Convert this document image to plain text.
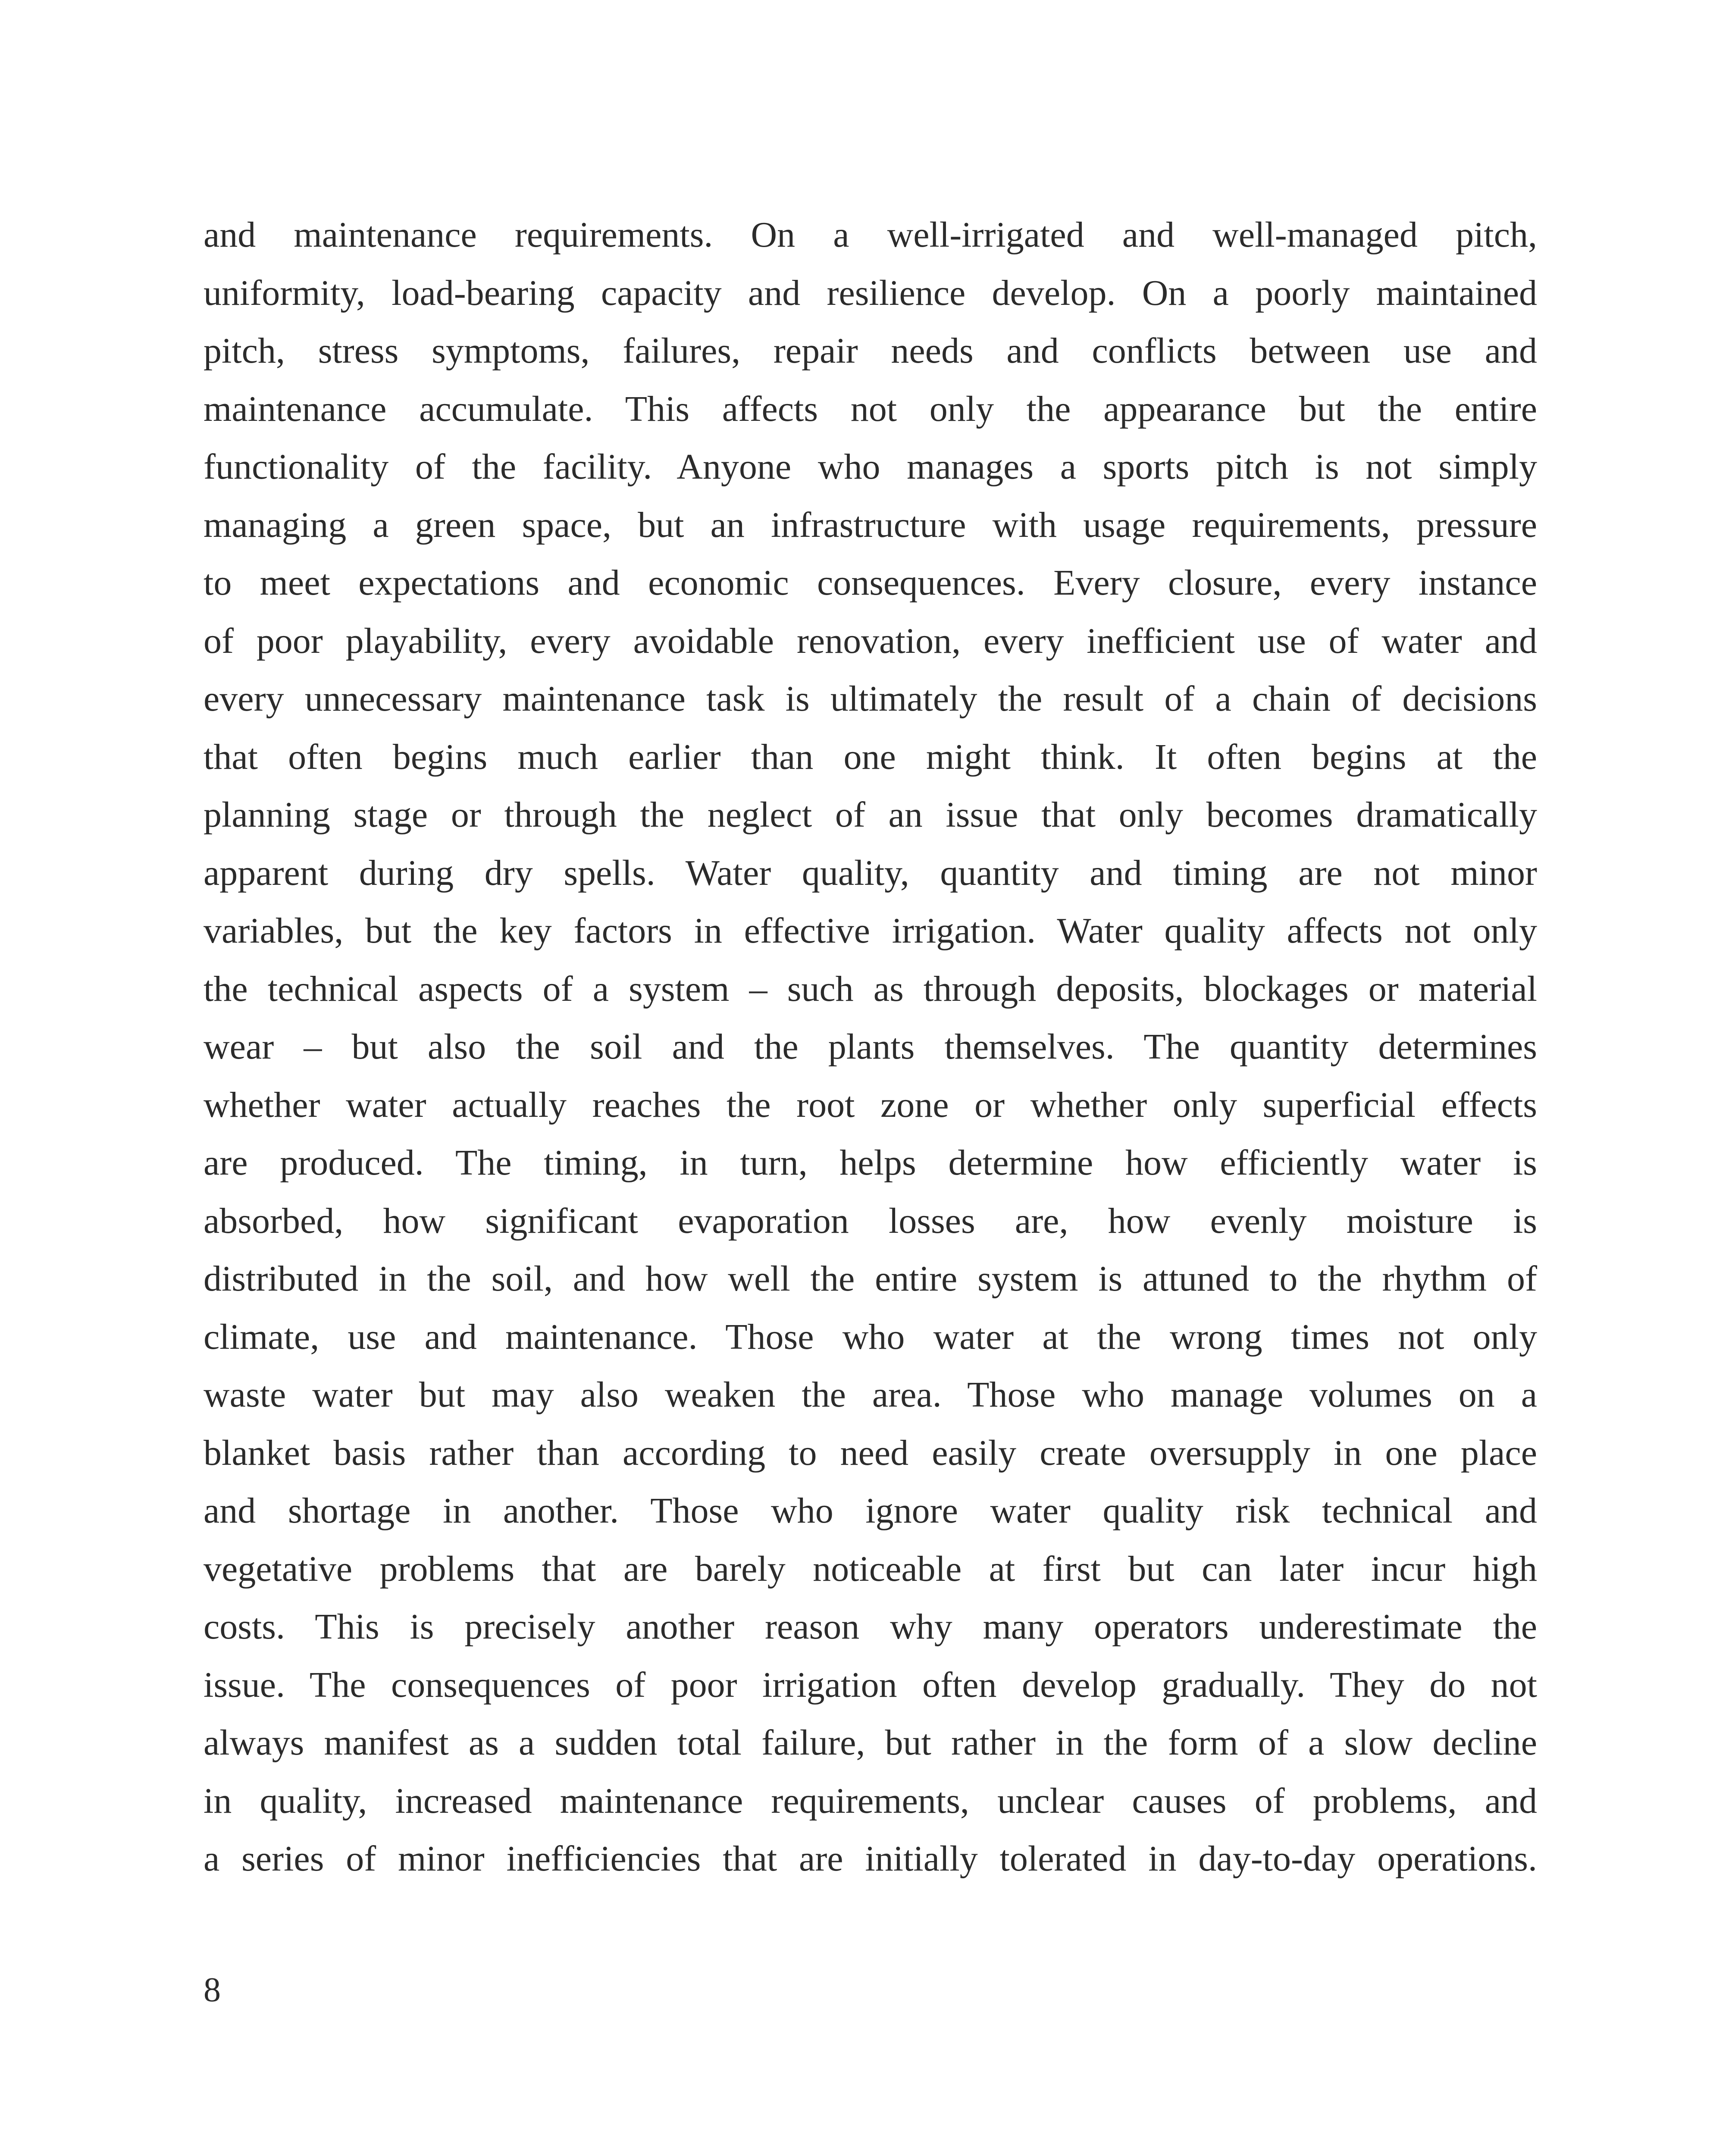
and maintenance requirements. On a well-irrigated and well-managed pitch,
uniformity, load-bearing capacity and resilience develop. On a poorly maintained
pitch, stress symptoms, failures, repair needs and conflicts between use and
maintenance accumulate. This affects not only the appearance but the entire
functionality of the facility. Anyone who manages a sports pitch is not simply
managing a green space, but an infrastructure with usage requirements, pressure
to meet expectations and economic consequences. Every closure, every instance
of poor playability, every avoidable renovation, every inefficient use of water and
every unnecessary maintenance task is ultimately the result of a chain of decisions
that often begins much earlier than one might think. It often begins at the
planning stage or through the neglect of an issue that only becomes dramatically
apparent during dry spells. Water quality, quantity and timing are not minor
variables, but the key factors in effective irrigation. Water quality affects not only
the technical aspects of a system – such as through deposits, blockages or material
wear – but also the soil and the plants themselves. The quantity determines
whether water actually reaches the root zone or whether only superficial effects
are produced. The timing, in turn, helps determine how efficiently water is
absorbed, how significant evaporation losses are, how evenly moisture is
distributed in the soil, and how well the entire system is attuned to the rhythm of
climate, use and maintenance. Those who water at the wrong times not only
waste water but may also weaken the area. Those who manage volumes on a
blanket basis rather than according to need easily create oversupply in one place
and shortage in another. Those who ignore water quality risk technical and
vegetative problems that are barely noticeable at first but can later incur high
costs. This is precisely another reason why many operators underestimate the
issue. The consequences of poor irrigation often develop gradually. They do not
always manifest as a sudden total failure, but rather in the form of a slow decline
in quality, increased maintenance requirements, unclear causes of problems, and
a series of minor inefficiencies that are initially tolerated in day-to-day operations.
8
